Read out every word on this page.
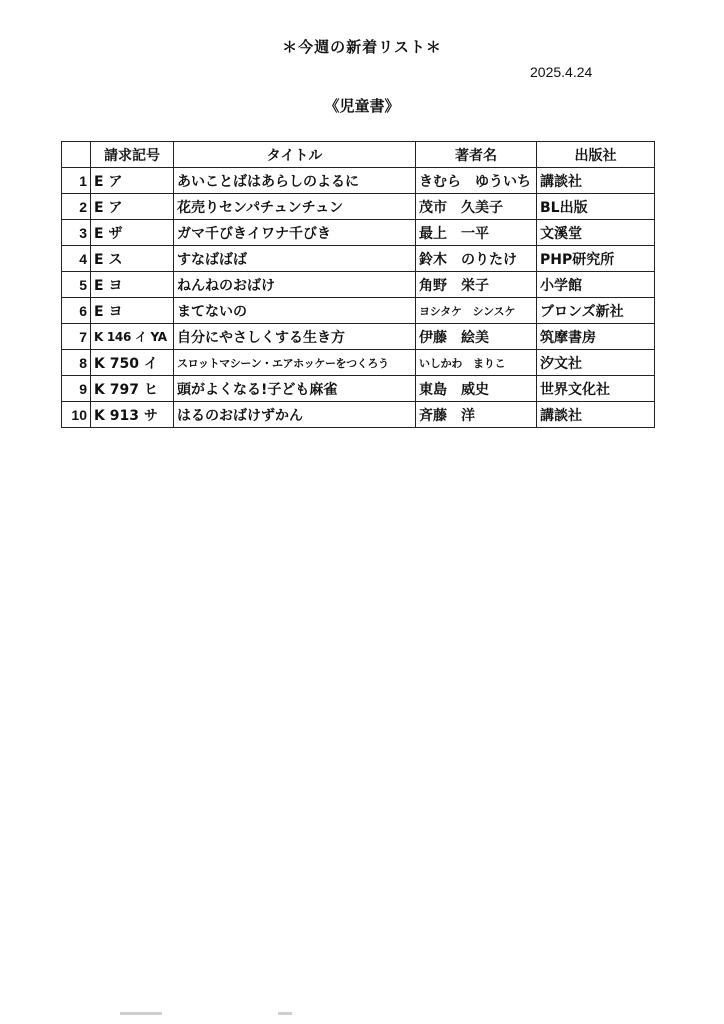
＊今週の新着リスト＊
2025.4.24
《児童書》
	請求記号	タイトル	著者名	出版社
1	E ア	あいことばはあらしのよるに	きむら　ゆういち	講談社
2	E ア	花売りセンパチュンチュン	茂市　久美子	BL出版
3	E ザ	ガマ千びきイワナ千びき	最上　一平	文溪堂
4	E ス	すなばばば	鈴木　のりたけ	PHP研究所
5	E ヨ	ねんねのおばけ	角野　栄子	小学館
6	E ヨ	まてないの	ヨシタケ　シンスケ	ブロンズ新社
7	K 146 イ YA	自分にやさしくする生き方	伊藤　絵美	筑摩書房
8	K 750 イ	スロットマシーン・エアホッケーをつくろう	いしかわ　まりこ	汐文社
9	K 797 ヒ	頭がよくなる!子ども麻雀	東島　威史	世界文化社
10	K 913 サ	はるのおばけずかん	斉藤　洋	講談社
